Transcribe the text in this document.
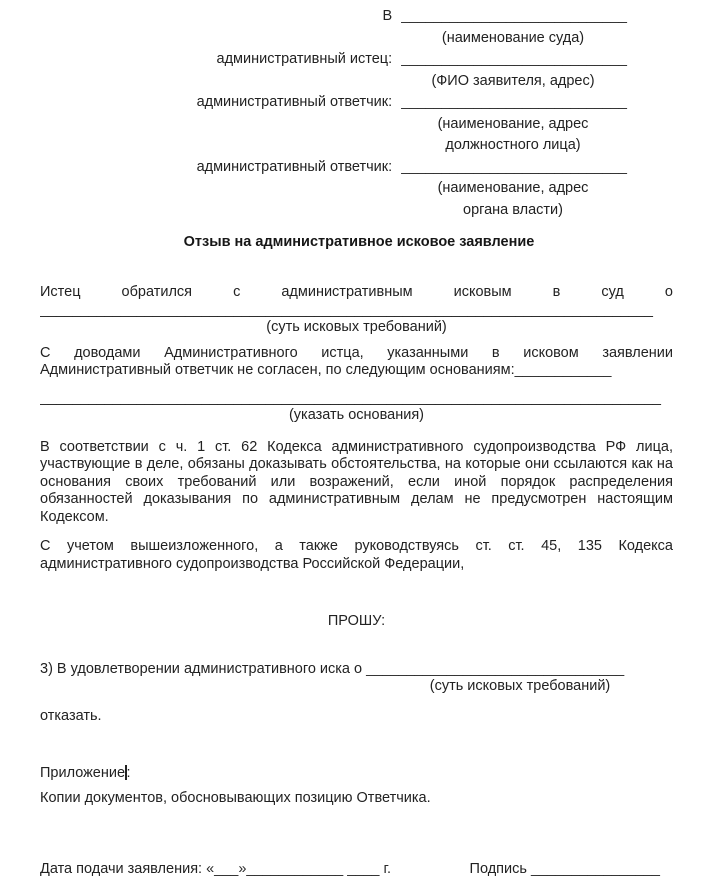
В ____________________________
(наименование суда)
административный истец: ____________________________
(ФИО заявителя, адрес)
административный ответчик: ____________________________
(наименование, адрес
должностного лица)
административный ответчик: ____________________________
(наименование, адрес
органа власти)
Отзыв на административное исковое заявление
Истец обратился с административным исковым в суд о
____________________________________________________________________________
(суть исковых требований)
С доводами Административного истца, указанными в исковом заявлении
Административный ответчик не согласен, по следующим основаниям:____________
_____________________________________________________________________________
(указать основания)
В соответствии с ч. 1 ст. 62 Кодекса административного судопроизводства РФ лица, участвующие в деле, обязаны доказывать обстоятельства, на которые они ссылаются как на основания своих требований или возражений, если иной порядок распределения обязанностей доказывания по административным делам не предусмотрен настоящим Кодексом.
С учетом вышеизложенного, а также руководствуясь ст. ст. 45, 135 Кодекса
административного судопроизводства Российской Федерации,
ПРОШУ:
3) В удовлетворении административного иска о ________________________________
(суть исковых требований)
отказать.
Приложение :
Копии документов, обосновывающих позицию Ответчика.
Дата подачи заявления: «___»____________ ____ г.	Подпись ________________
